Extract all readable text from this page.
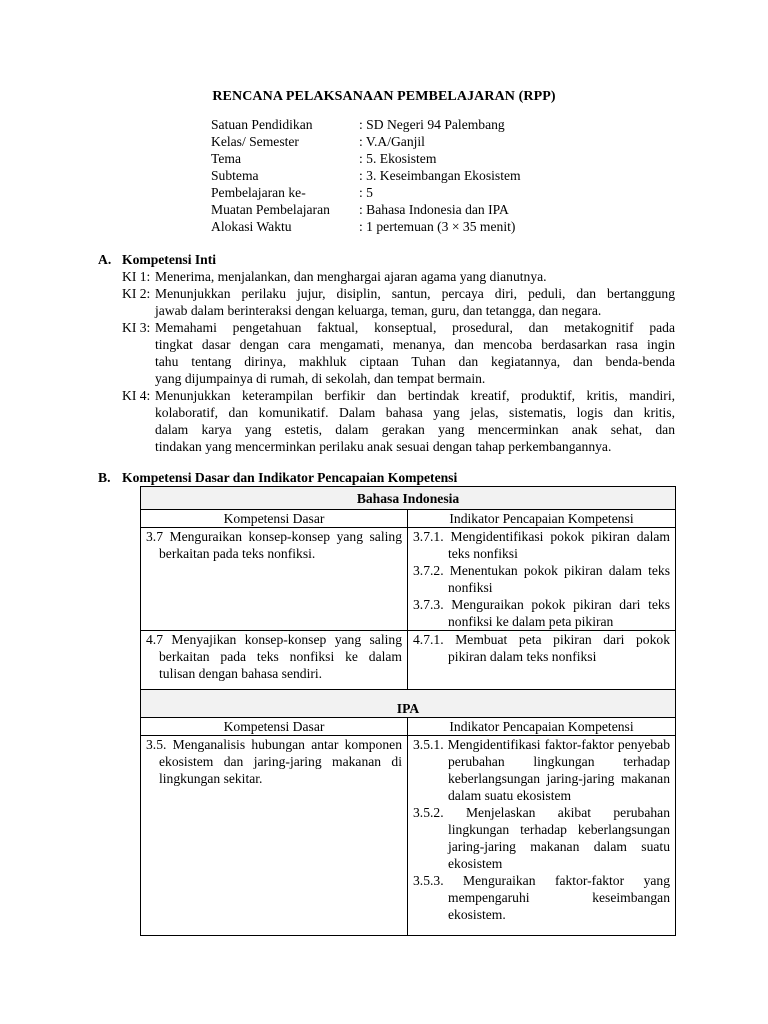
RENCANA PELAKSANAAN PEMBELAJARAN (RPP)
Satuan Pendidikan	: SD Negeri 94 Palembang
Kelas/ Semester	: V.A/Ganjil
Tema	: 5. Ekosistem
Subtema	: 3. Keseimbangan Ekosistem
Pembelajaran ke-	: 5
Muatan Pembelajaran : Bahasa Indonesia dan IPA
Alokasi Waktu	: 1 pertemuan (3 × 35 menit)
A. Kompetensi Inti
KI 1: Menerima, menjalankan, dan menghargai ajaran agama yang dianutnya.
KI 2: Menunjukkan perilaku jujur, disiplin, santun, percaya diri, peduli, dan bertanggung
jawab dalam berinteraksi dengan keluarga, teman, guru, dan tetangga, dan negara.
KI 3: Memahami pengetahuan faktual, konseptual, prosedural, dan metakognitif pada
tingkat dasar dengan cara mengamati, menanya, dan mencoba berdasarkan rasa ingin
tahu tentang dirinya, makhluk ciptaan Tuhan dan kegiatannya, dan benda-benda
yang dijumpainya di rumah, di sekolah, dan tempat bermain.
KI 4: Menunjukkan keterampilan berfikir dan bertindak kreatif, produktif, kritis, mandiri,
kolaboratif, dan komunikatif. Dalam bahasa yang jelas, sistematis, logis dan kritis,
dalam karya yang estetis, dalam gerakan yang mencerminkan anak sehat, dan
tindakan yang mencerminkan perilaku anak sesuai dengan tahap perkembangannya.
B. Kompetensi Dasar dan Indikator Pencapaian Kompetensi
Bahasa Indonesia	
Kompetensi Dasar	Indikator Pencapaian Kompetensi

3.7 Menguraikan konsep-konsep yang saling berkaitan pada teks nonfiksi.	3.7.1. Mengidentifikasi pokok pikiran dalam teks nonfiksi
3.7.2. Menentukan pokok pikiran dalam teks nonfiksi
3.7.3. Menguraikan pokok pikiran dari teks nonfiksi ke dalam peta pikiran

4.7 Menyajikan konsep-konsep yang saling berkaitan pada teks nonfiksi ke dalam tulisan dengan bahasa sendiri.	4.7.1. Membuat peta pikiran dari pokok pikiran dalam teks nonfiksi

IPA	
Kompetensi Dasar	Indikator Pencapaian Kompetensi

3.5. Menganalisis hubungan antar komponen ekosistem dan jaring-jaring makanan di lingkungan sekitar.	3.5.1. Mengidentifikasi faktor-faktor penyebab perubahan lingkungan terhadap keberlangsungan jaring-jaring makanan dalam suatu ekosistem
3.5.2. Menjelaskan akibat perubahan lingkungan terhadap keberlangsungan jaring-jaring makanan dalam suatu ekosistem
3.5.3. Menguraikan faktor-faktor yang mempengaruhi keseimbangan ekosistem.
